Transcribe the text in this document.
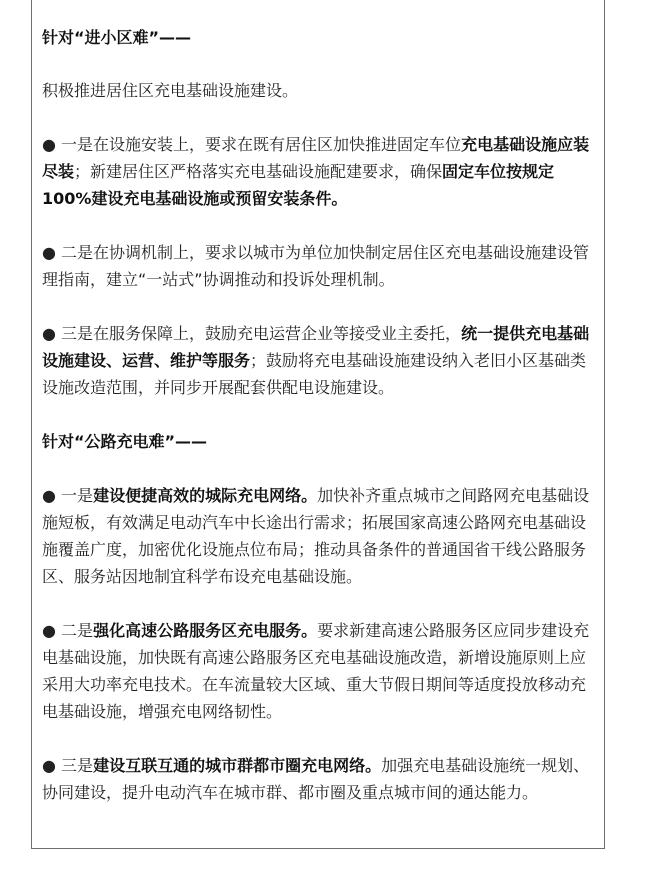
针对“进小区难”——

积极推进居住区充电基础设施建设。

● 一是在设施安装上，要求在既有居住区加快推进固定车位充电基础设施应装尽装；新建居住区严格落实充电基础设施配建要求，确保固定车位按规定100%建设充电基础设施或预留安装条件。

● 二是在协调机制上，要求以城市为单位加快制定居住区充电基础设施建设管理指南，建立“一站式”协调推动和投诉处理机制。

● 三是在服务保障上，鼓励充电运营企业等接受业主委托，统一提供充电基础设施建设、运营、维护等服务；鼓励将充电基础设施建设纳入老旧小区基础类设施改造范围，并同步开展配套供配电设施建设。

针对“公路充电难”——

● 一是建设便捷高效的城际充电网络。加快补齐重点城市之间路网充电基础设施短板，有效满足电动汽车中长途出行需求；拓展国家高速公路网充电基础设施覆盖广度，加密优化设施点位布局；推动具备条件的普通国省干线公路服务区、服务站因地制宜科学布设充电基础设施。

● 二是强化高速公路服务区充电服务。要求新建高速公路服务区应同步建设充电基础设施，加快既有高速公路服务区充电基础设施改造，新增设施原则上应采用大功率充电技术。在车流量较大区域、重大节假日期间等适度投放移动充电基础设施，增强充电网络韧性。

● 三是建设互联互通的城市群都市圈充电网络。加强充电基础设施统一规划、协同建设，提升电动汽车在城市群、都市圈及重点城市间的通达能力。
